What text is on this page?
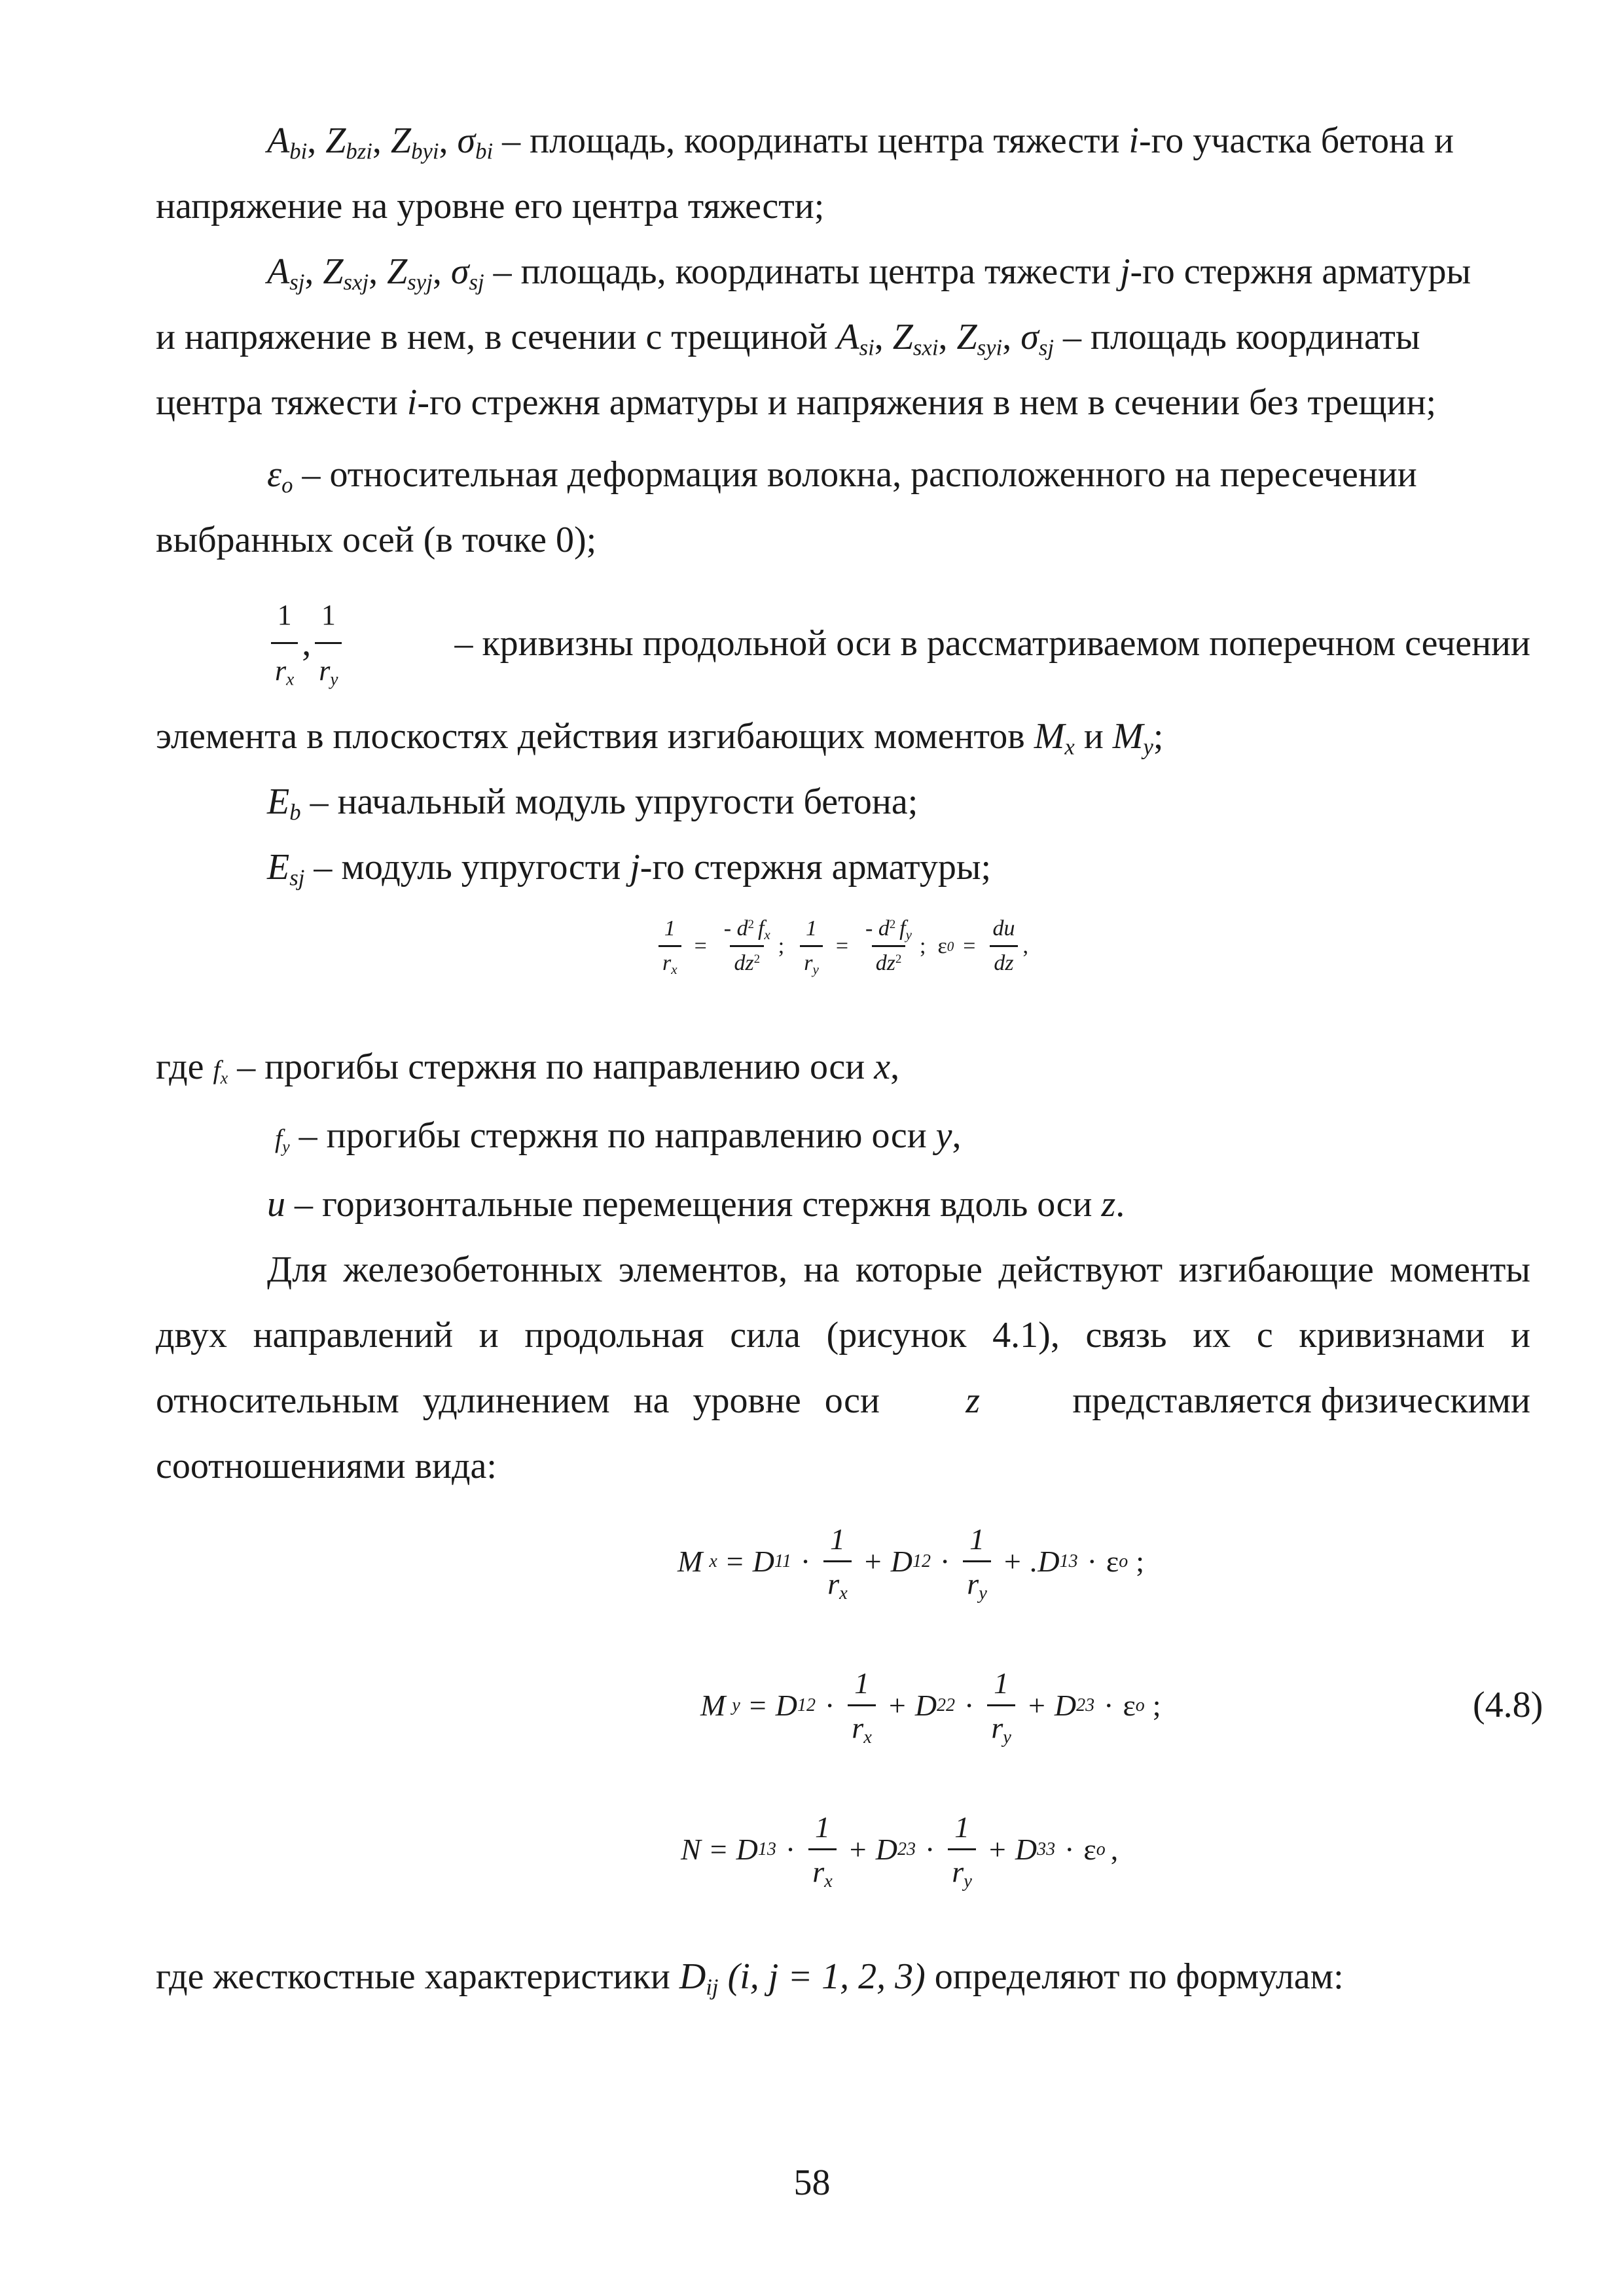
$A_{bi}$, $Z_{bzi}$, $Z_{byi}$, $\sigma_{bi}$ – площадь, координаты центра тяжести i-го участка бетона и
напряжение на уровне его центра тяжести;
$A_{sj}$, $Z_{sxj}$, $Z_{syj}$, $\sigma_{sj}$ – площадь, координаты центра тяжести j-го стержня арматуры
и напряжение в нем, в сечении с трещиной $A_{si}$, $Z_{sxi}$, $Z_{syi}$, $\sigma_{sj}$ – площадь координаты
центра тяжести i-го стрежня арматуры и напряжения в нем в сечении без трещин;
$\varepsilon_o$ – относительная деформация волокна, расположенного на пересечении
выбранных осей (в точке 0);
$\frac{1}{r_x}$ , $\frac{1}{r_y}$	– кривизны продольной оси в рассматриваемом поперечном сечении
элемента в плоскостях действия изгибающих моментов $M_x$ и $M_y$;
$E_b$ – начальный модуль упругости бетона;
$E_{sj}$ – модуль упругости j-го стержня арматуры;
$\frac{1}{r_x} = \frac{- d^2 f_x}{dz^2}$ ; $\frac{1}{r_y} = \frac{- d^2 f_y}{dz^2}$ ; ε $0 = \frac{du}{dz}$ ,
где $f_x$ – прогибы стержня по направлению оси x,
$f_y$ – прогибы стержня по направлению оси y,
u – горизонтальные перемещения стержня вдоль оси z.
Для железобетонных элементов, на которые действуют изгибающие моменты
двух направлений и продольная сила (рисунок 4.1), связь их с кривизнами и
относительным удлинением на уровне оси z	представляется физическими
соотношениями вида:
M x = D $11 \cdot \frac{1}{r_x} + D$ $12 \cdot \frac{1}{r_y} + .D$ 13 · ε o ;
M y = D $12 \cdot \frac{1}{r_x} + D$ $22 \cdot \frac{1}{r_y} + D$ 23 · ε o ;	(4.8)
N = D $13 \cdot \frac{1}{r_x} + D$ $23 \cdot \frac{1}{r_y} + D$ 33 · ε o ,
где жесткостные характеристики $D_{ij}$ (i, j = 1, 2, 3) определяют по формулам:
58
